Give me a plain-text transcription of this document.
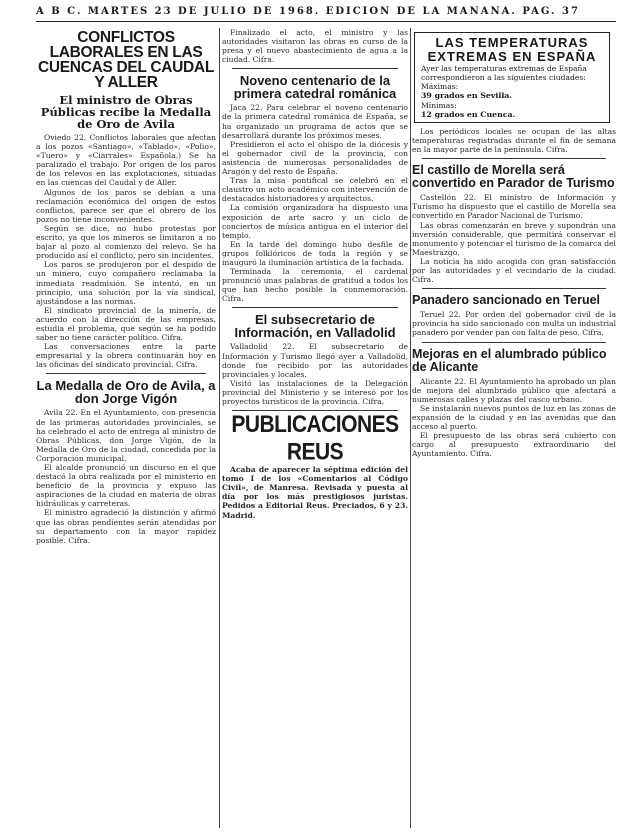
A B C. MARTES 23 DE JULIO DE 1968. EDICION DE LA MAÑANA. PAG. 37
CONFLICTOS LABORALES EN LAS CUENCAS DEL CAUDAL Y ALLER
El ministro de Obras Públicas recibe la Medalla de Oro de Avila

Oviedo 22. Conflictos laborales que afectan a los pozos «Santiago», «Tablado», «Polio», «Tuero» y «Ciarrales» Española.) Se ha paralizado el trabajo. Por origen de los paros de los relevos en las explotaciones, situadas en las cuencas del Caudal y de Aller.

Algunos de los paros se debían a una reclamación económica del origen de estos conflictos, parece ser que el obrero de los pozos no tiene inconvenientes.

Según se dice, no hubo protestas por escrito, ya que los mineros se limitaron a no bajar al pozo al comienzo del relevo. Se ha producido así el conflicto, pero sin incidentes.

Los paros se produjeron por el despido de un minero, cuyo compañero reclamaba la inmediata readmisión. Se intentó, en un principio, una solución por la vía sindical, ajustándose a las normas.

El sindicato provincial de la minería, de acuerdo con la dirección de las empresas, estudia el problema, que según se ha podido saber no tiene carácter político. Cifra.

Las conversaciones entre la parte empresarial y la obrera continuarán hoy en las oficinas del sindicato provincial. Cifra.

La Medalla de Oro de Avila, a don Jorge Vigón

Avila 22. En el Ayuntamiento, con presencia de las primeras autoridades provinciales, se ha celebrado el acto de entrega al ministro de Obras Públicas, don Jorge Vigón, de la Medalla de Oro de la ciudad, concedida por la Corporación municipal.

El alcalde pronunció un discurso en el que destacó la obra realizada por el ministerio en beneficio de la provincia y expuso las aspiraciones de la ciudad en materia de obras hidráulicas y carreteras.

El ministro agradeció la distinción y afirmó que las obras pendientes serán atendidas por su departamento con la mayor rapidez posible. Cifra.

Finalizado el acto, el ministro y las autoridades visitaron las obras en curso de la presa y el nuevo abastecimiento de agua a la ciudad. Cifra.

Noveno centenario de la primera catedral románica

Jaca 22. Para celebrar el noveno centenario de la primera catedral románica de España, se ha organizado un programa de actos que se desarrollará durante los próximos meses.

Presidieron el acto el obispo de la diócesis y el gobernador civil de la provincia, con asistencia de numerosas personalidades de Aragón y del resto de España.

Tras la misa pontifical se celebró en el claustro un acto académico con intervención de destacados historiadores y arquitectos.

La comisión organizadora ha dispuesto una exposición de arte sacro y un ciclo de conciertos de música antigua en el interior del templo.

En la tarde del domingo hubo desfile de grupos folklóricos de toda la región y se inauguró la iluminación artística de la fachada.

Terminada la ceremonia, el cardenal pronunció unas palabras de gratitud a todos los que han hecho posible la conmemoración. Cifra.

El subsecretario de Información, en Valladolid

Valladolid 22. El subsecretario de Información y Turismo llegó ayer a Valladolid, donde fue recibido por las autoridades provinciales y locales.

Visitó las instalaciones de la Delegación provincial del Ministerio y se interesó por los proyectos turísticos de la provincia. Cifra.

PUBLICACIONES REUS

Acaba de aparecer la séptima edición del tomo I de los «Comentarios al Código Civil», de Manresa. Revisada y puesta al día por los más prestigiosos juristas. Pedidos a Editorial Reus. Preciados, 6 y 23. Madrid.

LAS TEMPERATURAS EXTREMAS EN ESPAÑA

Ayer las temperaturas extremas de España correspondieron a las siguientes ciudades:

Máximas:

39 grados en Sevilla.

Mínimas:

12 grados en Cuenca.

Los periódicos locales se ocupan de las altas temperaturas registradas durante el fin de semana en la mayor parte de la península. Cifra.

El castillo de Morella será convertido en Parador de Turismo

Castellón 22. El ministro de Información y Turismo ha dispuesto que el castillo de Morella sea convertido en Parador Nacional de Turismo.

Las obras comenzarán en breve y supondrán una inversión considerable, que permitirá conservar el monumento y potenciar el turismo de la comarca del Maestrazgo.

La noticia ha sido acogida con gran satisfacción por las autoridades y el vecindario de la ciudad. Cifra.

Panadero sancionado en Teruel

Teruel 22. Por orden del gobernador civil de la provincia ha sido sancionado con multa un industrial panadero por vender pan con falta de peso. Cifra.

Mejoras en el alumbrado público de Alicante

Alicante 22. El Ayuntamiento ha aprobado un plan de mejora del alumbrado público que afectará a numerosas calles y plazas del casco urbano.

Se instalarán nuevos puntos de luz en las zonas de expansión de la ciudad y en las avenidas que dan acceso al puerto.

El presupuesto de las obras será cubierto con cargo al presupuesto extraordinario del Ayuntamiento. Cifra.
